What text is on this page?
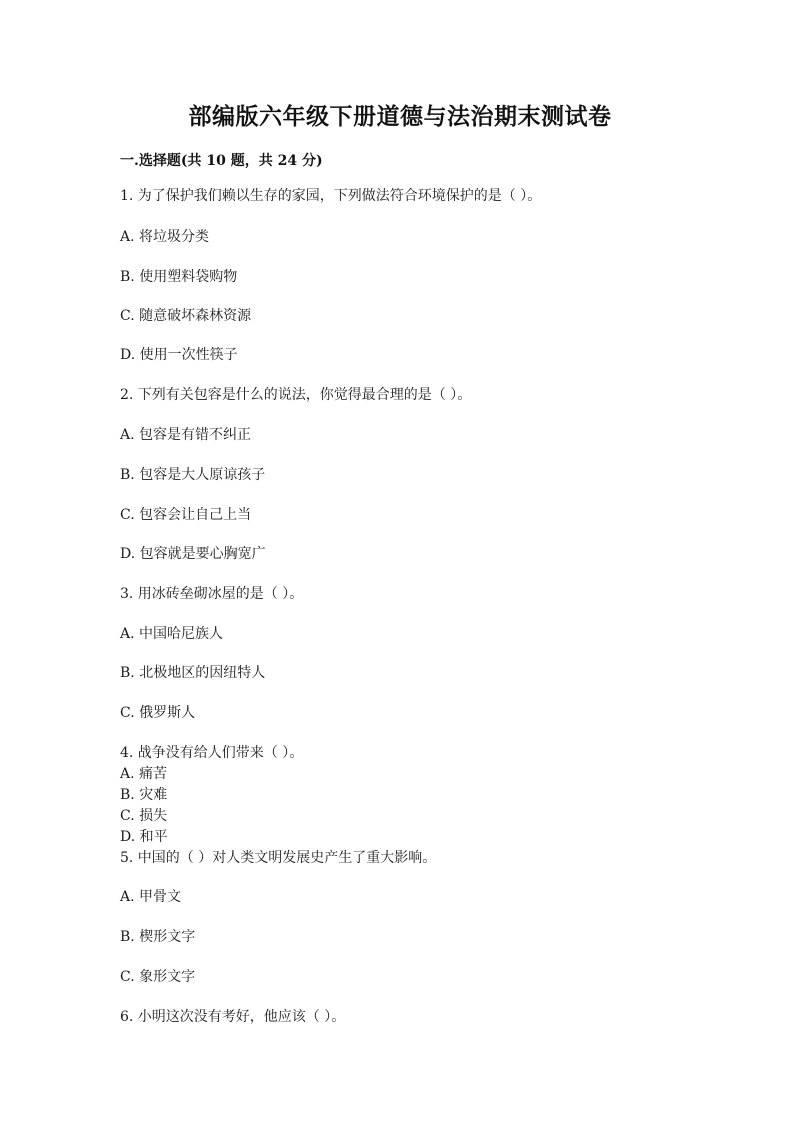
部编版六年级下册道德与法治期末测试卷
一.选择题(共 10 题，共 24 分)
1. 为了保护我们赖以生存的家园，下列做法符合环境保护的是（ ）。
A. 将垃圾分类
B. 使用塑料袋购物
C. 随意破坏森林资源
D. 使用一次性筷子
2. 下列有关包容是什么的说法，你觉得最合理的是（ ）。
A. 包容是有错不纠正
B. 包容是大人原谅孩子
C. 包容会让自己上当
D. 包容就是要心胸宽广
3. 用冰砖垒砌冰屋的是（ ）。
A. 中国哈尼族人
B. 北极地区的因纽特人
C. 俄罗斯人
4. 战争没有给人们带来（ ）。
A. 痛苦
B. 灾难
C. 损失
D. 和平
5. 中国的（ ）对人类文明发展史产生了重大影响。
A. 甲骨文
B. 楔形文字
C. 象形文字
6. 小明这次没有考好，他应该（ ）。
